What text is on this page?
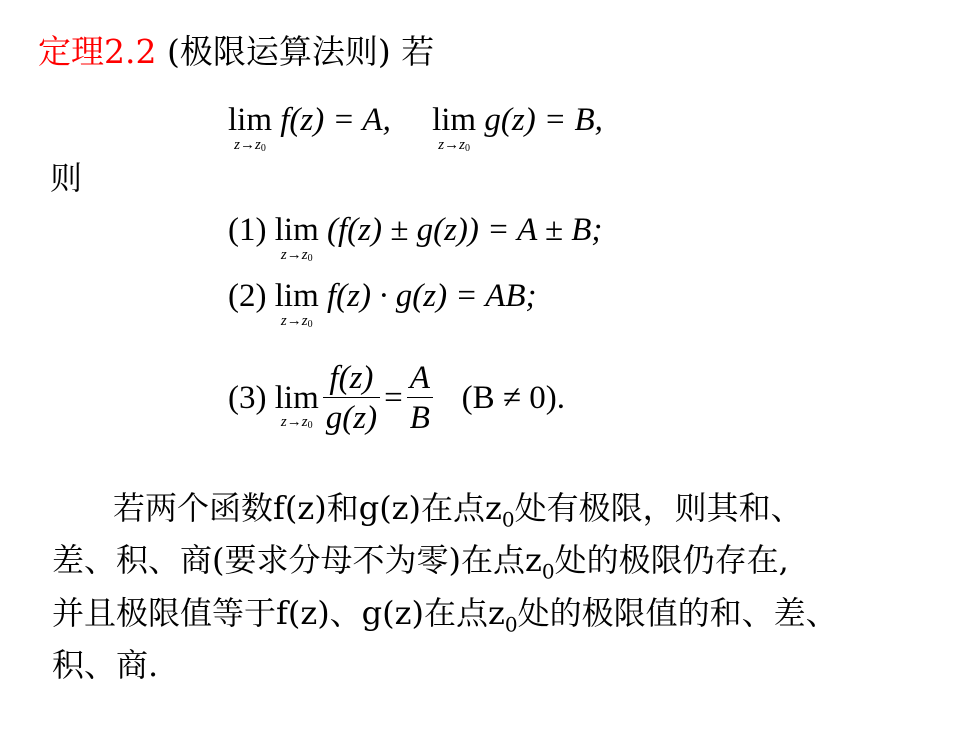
定理2.2 (极限运算法则) 若
lim
$z\to z_0$
f(z) = A, lim
$z\to z_0$
g(z) = B,
则
(1) lim
$z\to z_0$
(f(z) ± g(z)) = A ± B;
(2) lim
$z\to z_0$
f(z) · g(z) = AB;
(3)
lim
$z\to z_0 \frac{f(z)}{g(z)} = \frac{A}{B}$
(B ≠ 0).

若两个函数f(z)和g(z)在点$z_0$处有极限，则其和、

差、积、商(要求分母不为零)在点$z_0$处的极限仍存在,

并且极限值等于f(z)、g(z)在点$z_0$处的极限值的和、差、

积、商.
